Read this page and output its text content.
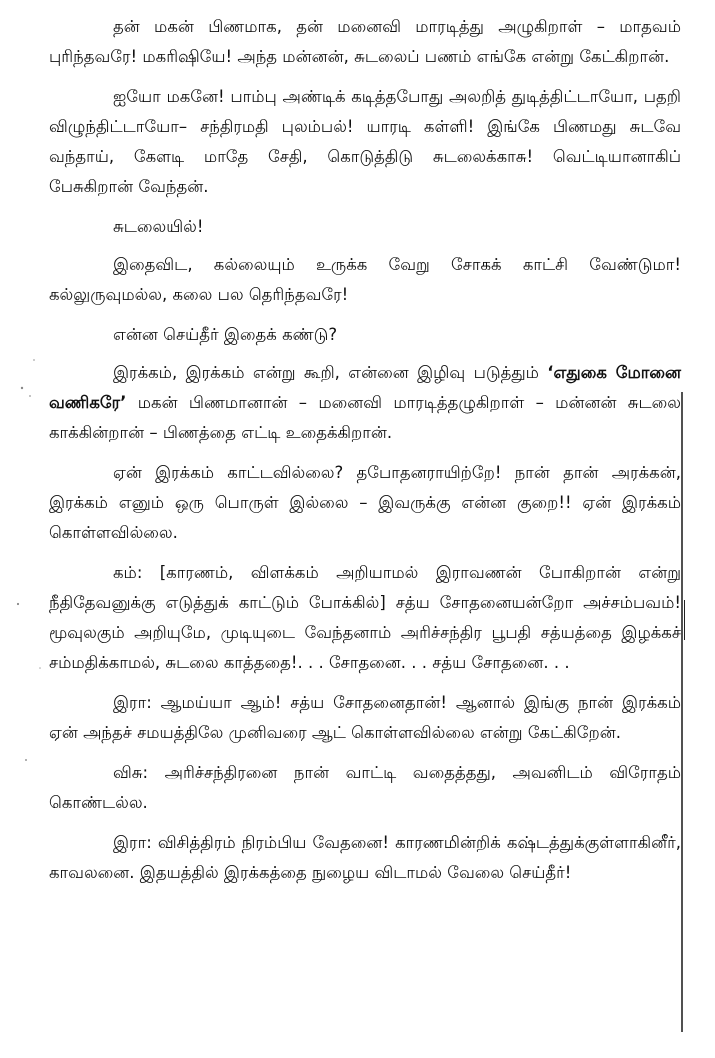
தன் மகன் பிணமாக, தன் மனைவி மாரடித்து அழுகிறாள் – மாதவம் புரிந்தவரே! மகரிஷியே! அந்த மன்னன், சுடலைப் பணம் எங்கே என்று கேட்கிறான்.

ஐயோ மகனே! பாம்பு அண்டிக் கடித்தபோது அலறித் துடித்திட்டாயோ, பதறி விழுந்திட்டாயோ– சந்திரமதி புலம்பல்! யாரடி கள்ளி! இங்கே பிணமது சுடவே வந்தாய், கேளடி மாதே சேதி, கொடுத்திடு சுடலைக்காசு! வெட்டியானாகிப் பேசுகிறான் வேந்தன்.

சுடலையில்!

இதைவிட, கல்லையும் உருக்க வேறு சோகக் காட்சி வேண்டுமா! கல்லுருவுமல்ல, கலை பல தெரிந்தவரே!

என்ன செய்தீர் இதைக் கண்டு?

இரக்கம், இரக்கம் என்று கூறி, என்னை இழிவு படுத்தும் ‘எதுகை மோனை வணிகரே’ மகன் பிணமானான் – மனைவி மாரடித்தழுகிறாள் – மன்னன் சுடலை காக்கின்றான் – பிணத்தை எட்டி உதைக்கிறான்.

ஏன் இரக்கம் காட்டவில்லை? தபோதனராயிற்றே! நான் தான் அரக்கன், இரக்கம் எனும் ஒரு பொருள் இல்லை – இவருக்கு என்ன குறை!! ஏன் இரக்கம் கொள்ளவில்லை.

கம்: [காரணம், விளக்கம் அறியாமல் இராவணன் போகிறான் என்று நீதிதேவனுக்கு எடுத்துக் காட்டும் போக்கில்] சத்ய சோதனையன்றோ அச்சம்பவம்! மூவுலகும் அறியுமே, முடியுடை வேந்தனாம் அரிச்சந்திர பூபதி சத்யத்தை இழக்கச் சம்மதிக்காமல், சுடலை காத்ததை!. . . சோதனை. . . சத்ய சோதனை. . .

இரா: ஆமய்யா ஆம்! சத்ய சோதனைதான்! ஆனால் இங்கு நான் இரக்கம் ஏன் அந்தச் சமயத்திலே முனிவரை ஆட் கொள்ளவில்லை என்று கேட்கிறேன்.

விசு: அரிச்சந்திரனை நான் வாட்டி வதைத்தது, அவனிடம் விரோதம் கொண்டல்ல.

இரா: விசித்திரம் நிரம்பிய வேதனை! காரணமின்றிக் கஷ்டத்துக்குள்ளாகினீர், காவலனை. இதயத்தில் இரக்கத்தை நுழைய விடாமல் வேலை செய்தீர்!
